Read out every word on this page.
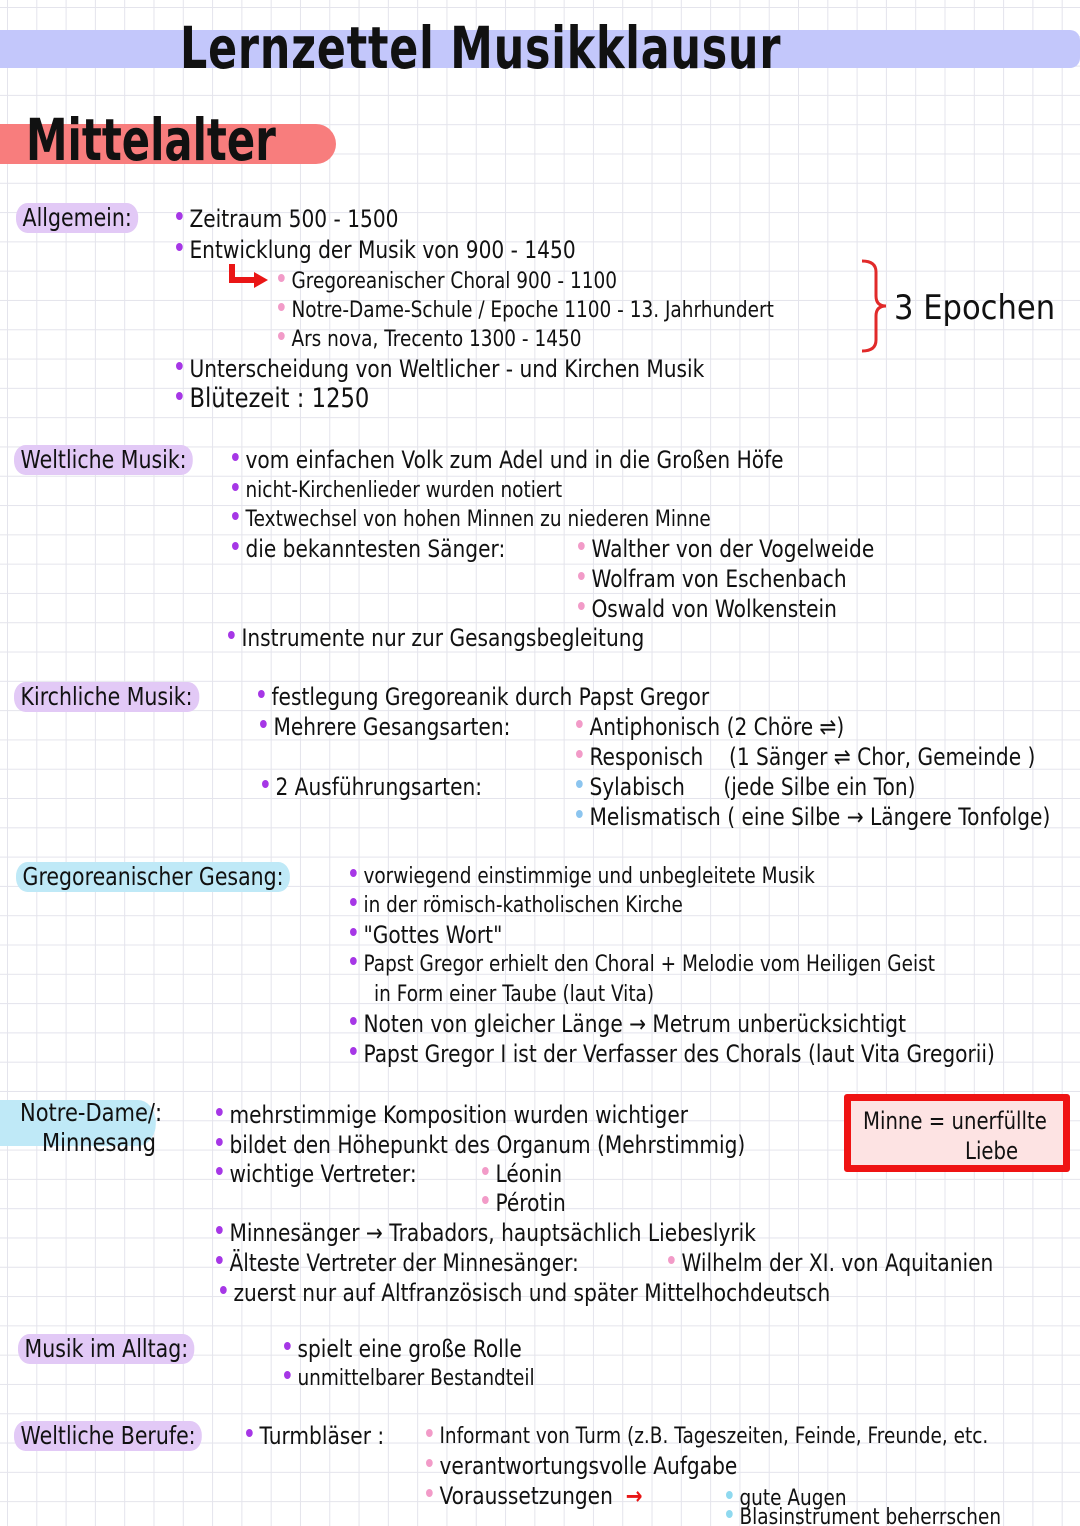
Lernzettel Musikklausur
Mittelalter
Allgemein:	Zeitraum 500 - 1500
Entwicklung der Musik von 900 - 1450
Gregoreanischer Choral 900 - 1100
Notre-Dame-Schule / Epoche 1100 - 13. Jahrhundert
Ars nova, Trecento 1300 - 1450
3 Epochen
Unterscheidung von Weltlicher - und Kirchen Musik
Blütezeit : 1250
Weltliche Musik:	vom einfachen Volk zum Adel und in die Großen Höfe
nicht-Kirchenlieder wurden notiert
Textwechsel von hohen Minnen zu niederen Minne
die bekanntesten Sänger:	Walther von der Vogelweide
Wolfram von Eschenbach
Oswald von Wolkenstein
Instrumente nur zur Gesangsbegleitung
Kirchliche Musik:	festlegung Gregoreanik durch Papst Gregor
Mehrere Gesangsarten:	Antiphonisch (2 Chöre ⇌)
Responisch (1 Sänger ⇌ Chor, Gemeinde )
2 Ausführungsarten:	Sylabisch (jede Silbe ein Ton)
Melismatisch ( eine Silbe → Längere Tonfolge)
Gregoreanischer Gesang:	vorwiegend einstimmige und unbegleitete Musik
in der römisch-katholischen Kirche
"Gottes Wort"
Papst Gregor erhielt den Choral + Melodie vom Heiligen Geist
in Form einer Taube (laut Vita)
Noten von gleicher Länge → Metrum unberücksichtigt
Papst Gregor I ist der Verfasser des Chorals (laut Vita Gregorii)
Notre-Dame/:
Minnesang
mehrstimmige Komposition wurden wichtiger
bildet den Höhepunkt des Organum (Mehrstimmig)
wichtige Vertreter:	Léonin
Pérotin
Minnesänger → Trabadors, hauptsächlich Liebeslyrik
Älteste Vertreter der Minnesänger:	Wilhelm der XI. von Aquitanien
zuerst nur auf Altfranzösisch und später Mittelhochdeutsch
Minne = unerfüllte
Liebe
Musik im Alltag:	spielt eine große Rolle
unmittelbarer Bestandteil
Weltliche Berufe:	Turmbläser :	Informant von Turm (z.B. Tageszeiten, Feinde, Freunde, etc.
verantwortungsvolle Aufgabe
Voraussetzungen →	gute Augen
Blasinstrument beherrschen
